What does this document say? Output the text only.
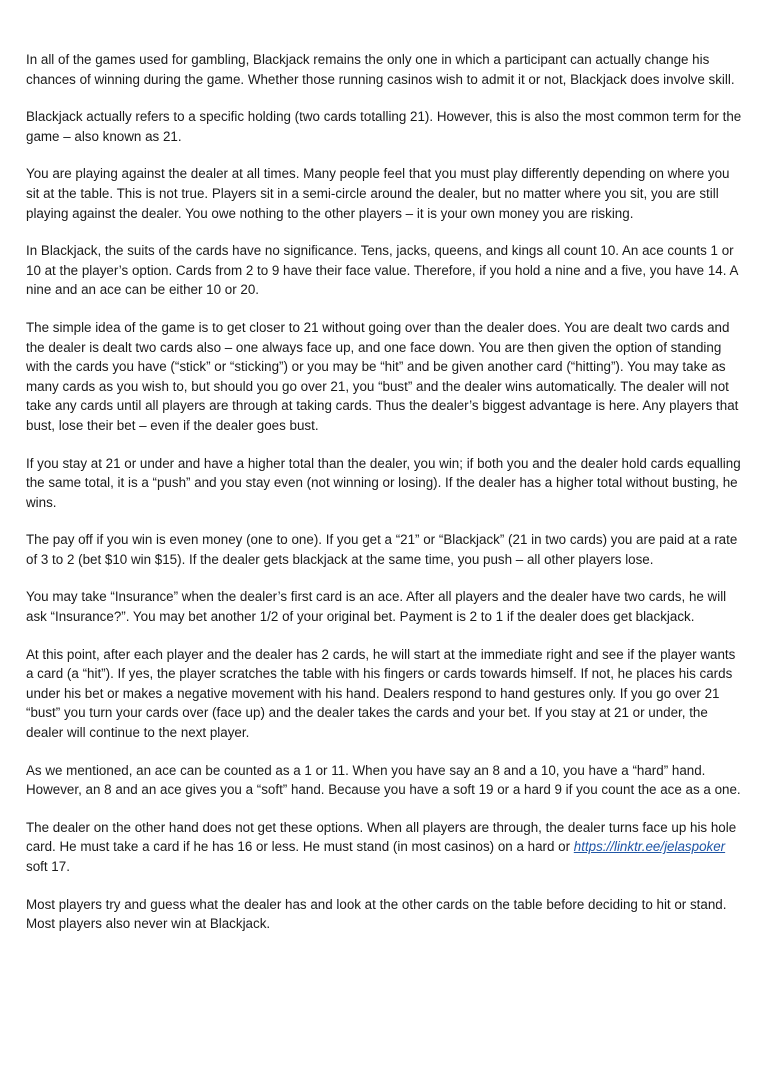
In all of the games used for gambling, Blackjack remains the only one in which a participant can actually change his chances of winning during the game. Whether those running casinos wish to admit it or not, Blackjack does involve skill.

Blackjack actually refers to a specific holding (two cards totalling 21). However, this is also the most common term for the game – also known as 21.

You are playing against the dealer at all times. Many people feel that you must play differently depending on where you sit at the table. This is not true. Players sit in a semi-circle around the dealer, but no matter where you sit, you are still playing against the dealer. You owe nothing to the other players – it is your own money you are risking.

In Blackjack, the suits of the cards have no significance. Tens, jacks, queens, and kings all count 10. An ace counts 1 or 10 at the player’s option. Cards from 2 to 9 have their face value. Therefore, if you hold a nine and a five, you have 14. A nine and an ace can be either 10 or 20.

The simple idea of the game is to get closer to 21 without going over than the dealer does. You are dealt two cards and the dealer is dealt two cards also – one always face up, and one face down. You are then given the option of standing with the cards you have (“stick” or “sticking”) or you may be “hit” and be given another card (“hitting”). You may take as many cards as you wish to, but should you go over 21, you “bust” and the dealer wins automatically. The dealer will not take any cards until all players are through at taking cards. Thus the dealer’s biggest advantage is here. Any players that bust, lose their bet – even if the dealer goes bust.

If you stay at 21 or under and have a higher total than the dealer, you win; if both you and the dealer hold cards equalling the same total, it is a “push” and you stay even (not winning or losing). If the dealer has a higher total without busting, he wins.

The pay off if you win is even money (one to one). If you get a “21” or “Blackjack” (21 in two cards) you are paid at a rate of 3 to 2 (bet $10 win $15). If the dealer gets blackjack at the same time, you push – all other players lose.

You may take “Insurance” when the dealer’s first card is an ace. After all players and the dealer have two cards, he will ask “Insurance?”. You may bet another 1/2 of your original bet. Payment is 2 to 1 if the dealer does get blackjack.

At this point, after each player and the dealer has 2 cards, he will start at the immediate right and see if the player wants a card (a “hit”). If yes, the player scratches the table with his fingers or cards towards himself. If not, he places his cards under his bet or makes a negative movement with his hand. Dealers respond to hand gestures only. If you go over 21 “bust” you turn your cards over (face up) and the dealer takes the cards and your bet. If you stay at 21 or under, the dealer will continue to the next player.

As we mentioned, an ace can be counted as a 1 or 11. When you have say an 8 and a 10, you have a “hard” hand. However, an 8 and an ace gives you a “soft” hand. Because you have a soft 19 or a hard 9 if you count the ace as a one.

The dealer on the other hand does not get these options. When all players are through, the dealer turns face up his hole card. He must take a card if he has 16 or less. He must stand (in most casinos) on a hard or https://linktr.ee/jelaspoker soft 17.

Most players try and guess what the dealer has and look at the other cards on the table before deciding to hit or stand. Most players also never win at Blackjack.
